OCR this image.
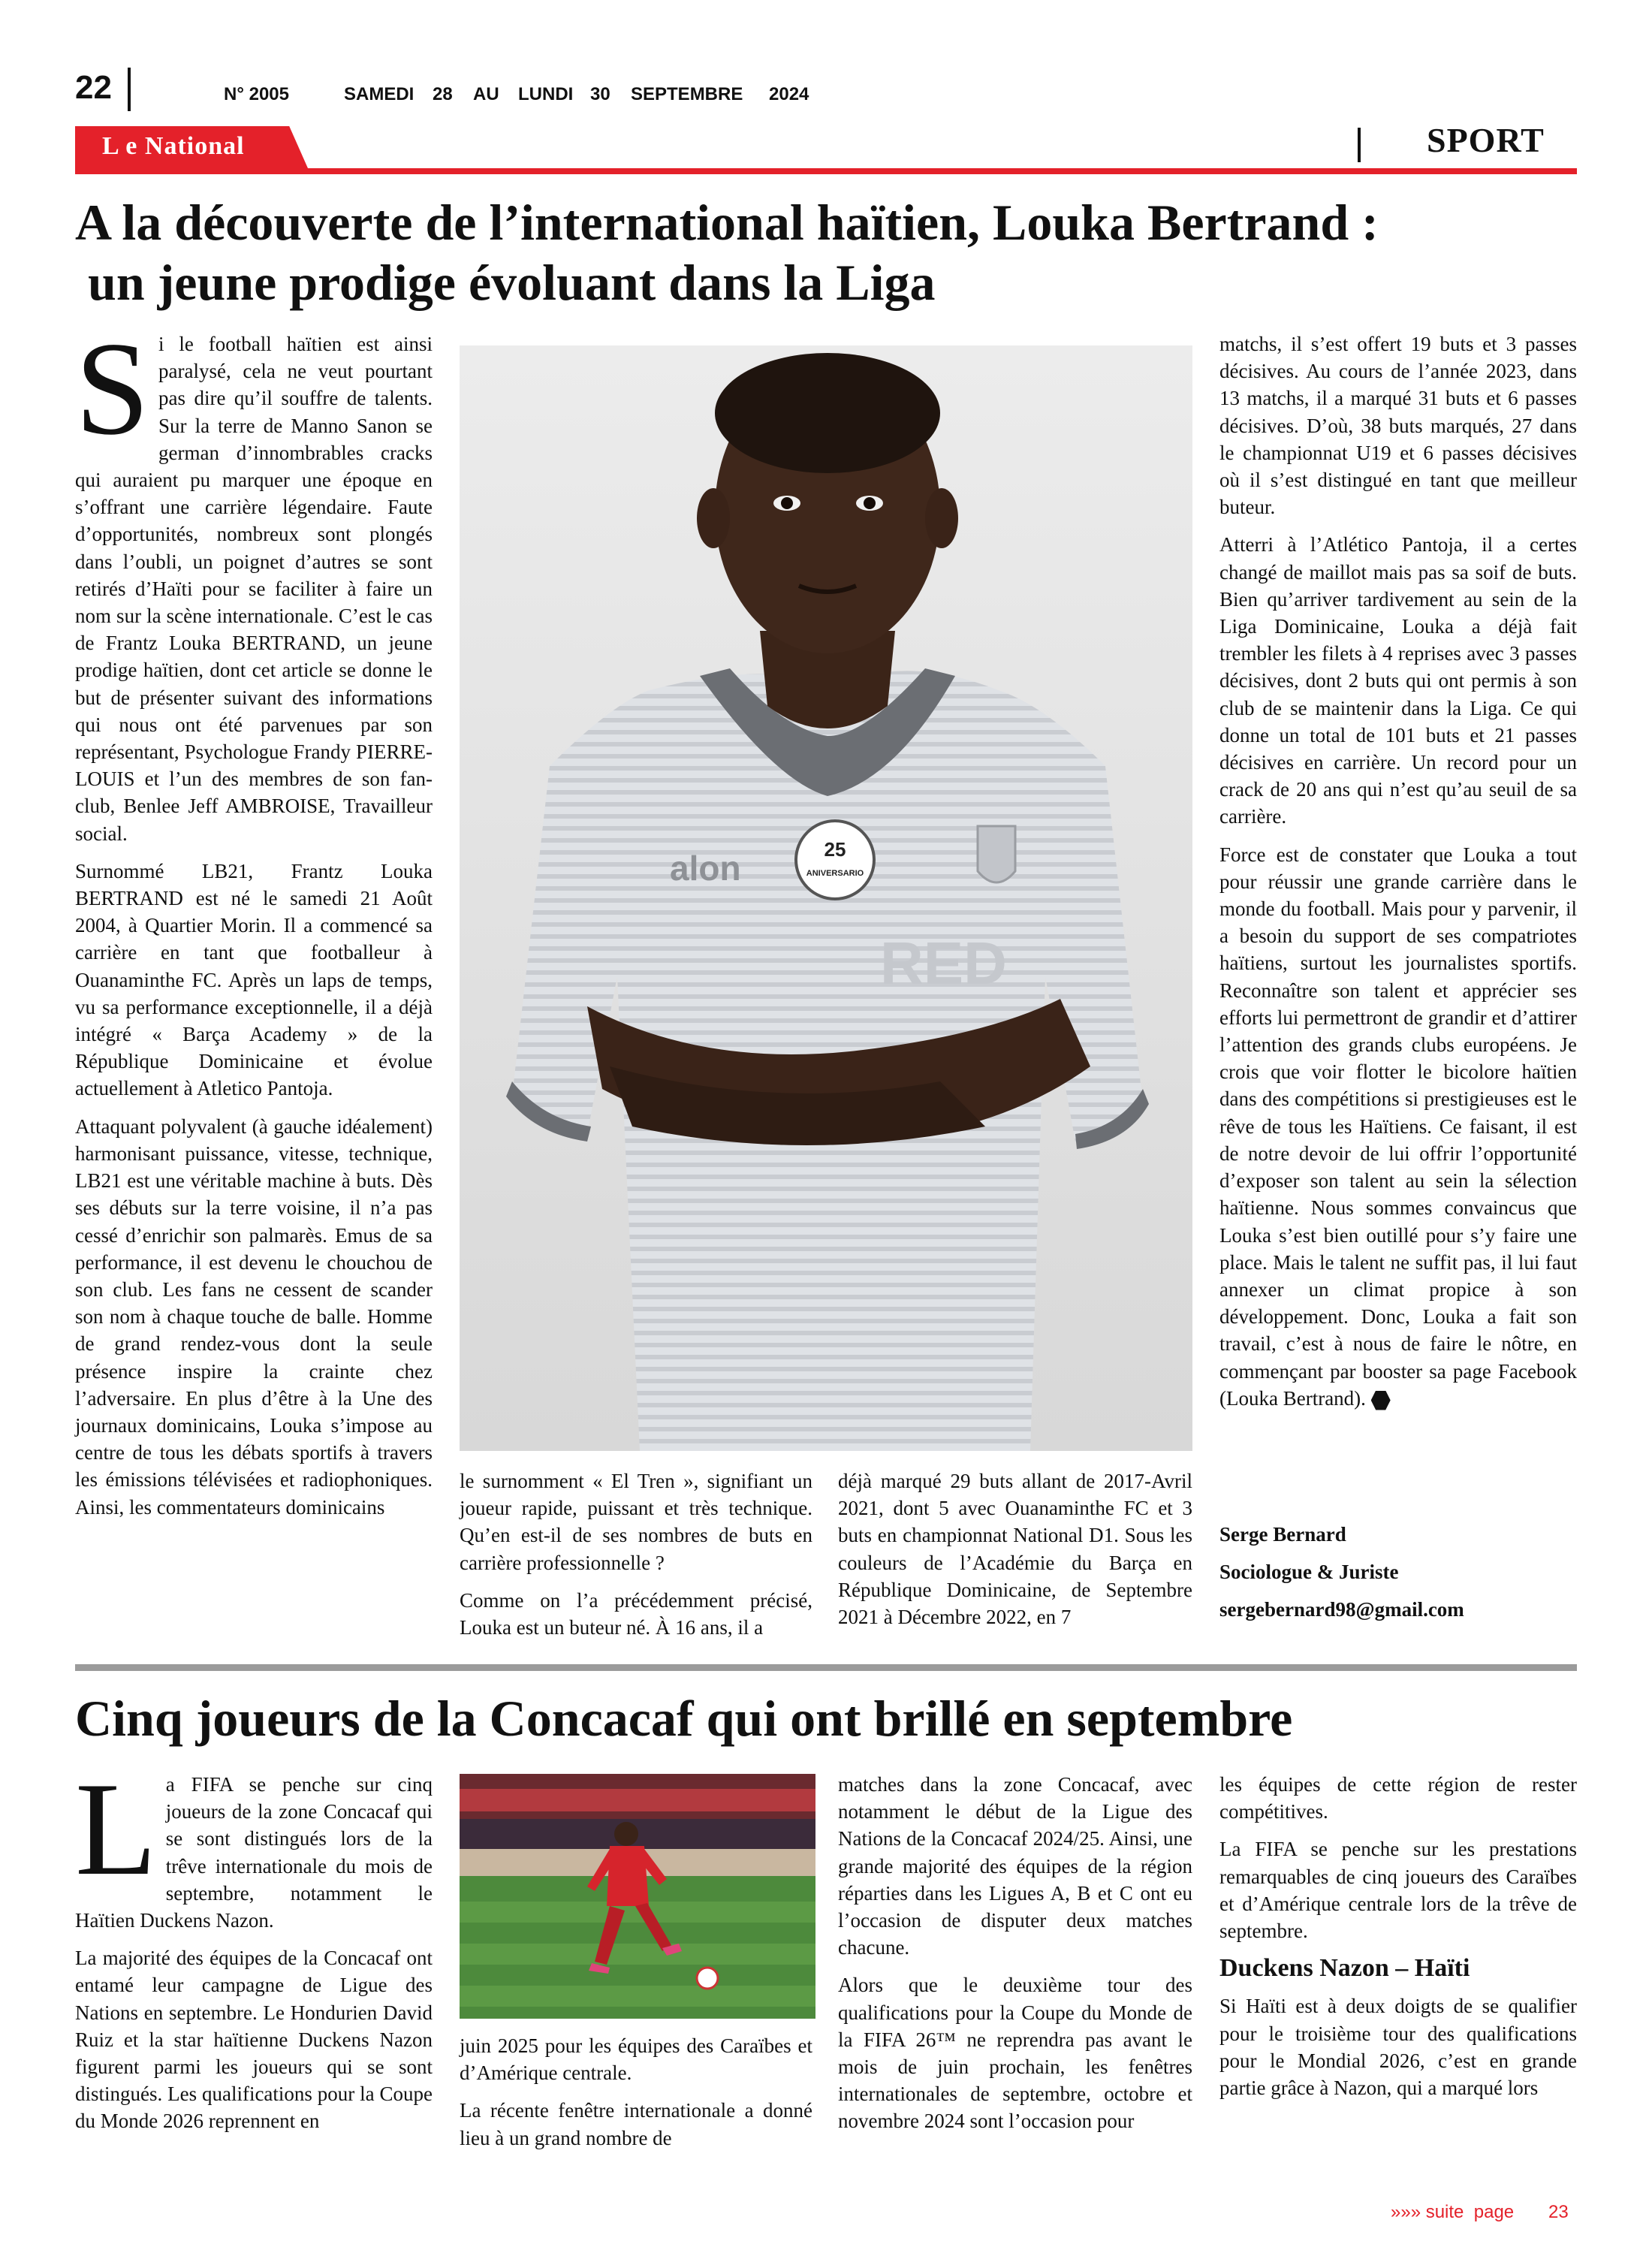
22	N° 2005	SAMEDI 28 AU LUNDI 30 SEPTEMBRE 2024
L e National	SPORT
A la découverte de l’international haïtien, Louka Bertrand :
un jeune prodige évoluant dans la Liga

Si le football haïtien est ainsi paralysé, cela ne veut pourtant pas dire qu’il souffre de talents. Sur la terre de Manno Sanon se german d’innombrables cracks qui auraient pu marquer une époque en s’offrant une carrière légendaire. Faute d’opportunités, nombreux sont plongés dans l’oubli, un poignet d’autres se sont retirés d’Haïti pour se faciliter à faire un nom sur la scène internationale. C’est le cas de Frantz Louka BERTRAND, un jeune prodige haïtien, dont cet article se donne le but de présenter suivant des informations qui nous ont été parvenues par son représentant, Psychologue Frandy PIERRE-LOUIS et l’un des membres de son fan-club, Benlee Jeff AMBROISE, Travailleur social.

Surnommé LB21, Frantz Louka BERTRAND est né le samedi 21 Août 2004, à Quartier Morin. Il a commencé sa carrière en tant que footballeur à Ouanaminthe FC. Après un laps de temps, vu sa performance exceptionnelle, il a déjà intégré « Barça Academy » de la République Dominicaine et évolue actuellement à Atletico Pantoja.

Attaquant polyvalent (à gauche idéalement) harmonisant puissance, vitesse, technique, LB21 est une véritable machine à buts. Dès ses débuts sur la terre voisine, il n’a pas cessé d’enrichir son palmarès. Emus de sa performance, il est devenu le chouchou de son club. Les fans ne cessent de scander son nom à chaque touche de balle. Homme de grand rendez-vous dont la seule présence inspire la crainte chez l’adversaire. En plus d’être à la Une des journaux dominicains, Louka s’impose au centre de tous les débats sportifs à travers les émissions télévisées et radiophoniques. Ainsi, les commentateurs dominicains

25
ANIVERSARIO
alon
RED

le surnomment « El Tren », signifiant un joueur rapide, puissant et très technique. Qu’en est-il de ses nombres de buts en carrière professionnelle ?

Comme on l’a précédemment précisé, Louka est un buteur né. À 16 ans, il a

déjà marqué 29 buts allant de 2017-Avril 2021, dont 5 avec Ouanaminthe FC et 3 buts en championnat National D1. Sous les couleurs de l’Académie du Barça en République Dominicaine, de Septembre 2021 à Décembre 2022, en 7

matchs, il s’est offert 19 buts et 3 passes décisives. Au cours de l’année 2023, dans 13 matchs, il a marqué 31 buts et 6 passes décisives. D’où, 38 buts marqués, 27 dans le championnat U19 et 6 passes décisives où il s’est distingué en tant que meilleur buteur.

Atterri à l’Atlético Pantoja, il a certes changé de maillot mais pas sa soif de buts. Bien qu’arriver tardivement au sein de la Liga Dominicaine, Louka a déjà fait trembler les filets à 4 reprises avec 3 passes décisives, dont 2 buts qui ont permis à son club de se maintenir dans la Liga. Ce qui donne un total de 101 buts et 21 passes décisives en carrière. Un record pour un crack de 20 ans qui n’est qu’au seuil de sa carrière.

Force est de constater que Louka a tout pour réussir une grande carrière dans le monde du football. Mais pour y parvenir, il a besoin du support de ses compatriotes haïtiens, surtout les journalistes sportifs. Reconnaître son talent et apprécier ses efforts lui permettront de grandir et d’attirer l’attention des grands clubs européens. Je crois que voir flotter le bicolore haïtien dans des compétitions si prestigieuses est le rêve de tous les Haïtiens. Ce faisant, il est de notre devoir de lui offrir l’opportunité d’exposer son talent au sein la sélection haïtienne. Nous sommes convaincus que Louka s’est bien outillé pour s’y faire une place. Mais le talent ne suffit pas, il lui faut annexer un climat propice à son développement. Donc, Louka a fait son travail, c’est à nous de faire le nôtre, en commençant par booster sa page Facebook (Louka Bertrand).

Serge Bernard
Sociologue & Juriste
sergebernard98@gmail.com
Cinq joueurs de la Concacaf qui ont brillé en septembre

La FIFA se penche sur cinq joueurs de la zone Concacaf qui se sont distingués lors de la trêve internationale du mois de septembre, notamment le Haïtien Duckens Nazon.

La majorité des équipes de la Concacaf ont entamé leur campagne de Ligue des Nations en septembre. Le Hondurien David Ruiz et la star haïtienne Duckens Nazon figurent parmi les joueurs qui se sont distingués. Les qualifications pour la Coupe du Monde 2026 reprennent en

juin 2025 pour les équipes des Caraïbes et d’Amérique centrale.

La récente fenêtre internationale a donné lieu à un grand nombre de

matches dans la zone Concacaf, avec notamment le début de la Ligue des Nations de la Concacaf 2024/25. Ainsi, une grande majorité des équipes de la région réparties dans les Ligues A, B et C ont eu l’occasion de disputer deux matches chacune.

Alors que le deuxième tour des qualifications pour la Coupe du Monde de la FIFA 26™ ne reprendra pas avant le mois de juin prochain, les fenêtres internationales de septembre, octobre et novembre 2024 sont l’occasion pour

les équipes de cette région de rester compétitives.

La FIFA se penche sur les prestations remarquables de cinq joueurs des Caraïbes et d’Amérique centrale lors de la trêve de septembre.

Duckens Nazon – Haïti

Si Haïti est à deux doigts de se qualifier pour le troisième tour des qualifications pour le Mondial 2026, c’est en grande partie grâce à Nazon, qui a marqué lors

»»» suite  page 23
